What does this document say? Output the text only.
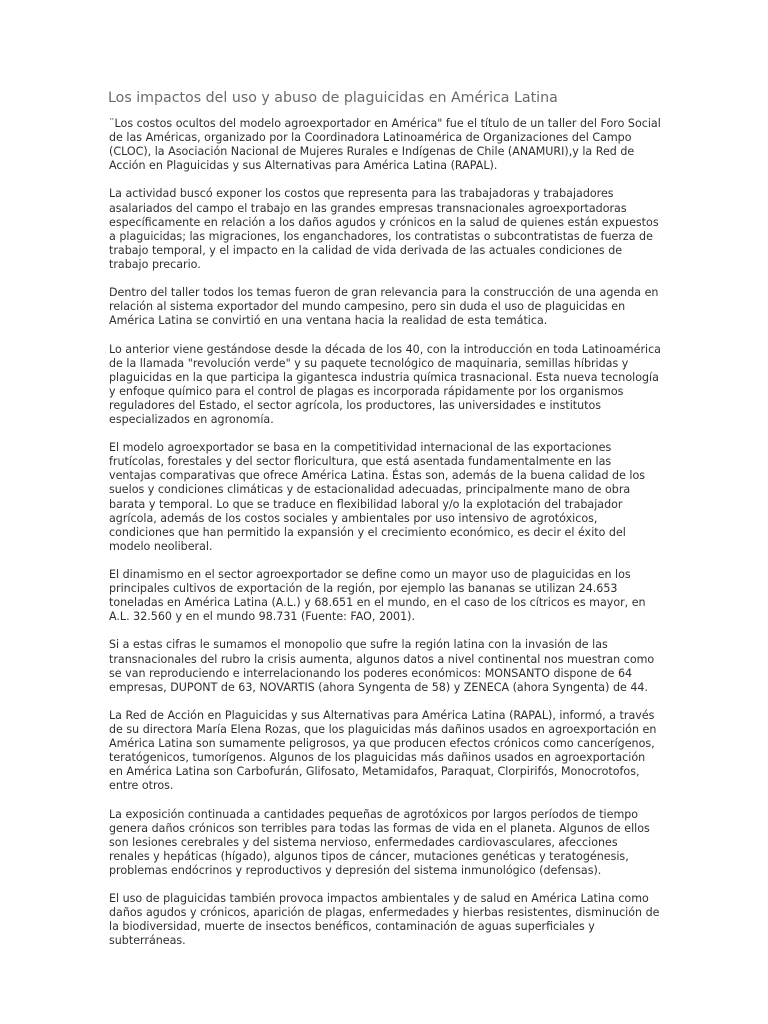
Los impactos del uso y abuso de plaguicidas en América Latina

¨Los costos ocultos del modelo agroexportador en América" fue el título de un taller del Foro Social de las Américas, organizado por la Coordinadora Latinoamérica de Organizaciones del Campo (CLOC), la Asociación Nacional de Mujeres Rurales e Indígenas de Chile (ANAMURI),y la Red de Acción en Plaguicidas y sus Alternativas para América Latina (RAPAL).

La actividad buscó exponer los costos que representa para las trabajadoras y trabajadores asalariados del campo el trabajo en las grandes empresas transnacionales agroexportadoras específicamente en relación a los daños agudos y crónicos en la salud de quienes están expuestos a plaguicidas; las migraciones, los enganchadores, los contratistas o subcontratistas de fuerza de trabajo temporal, y el impacto en la calidad de vida derivada de las actuales condiciones de trabajo precario.

Dentro del taller todos los temas fueron de gran relevancia para la construcción de una agenda en relación al sistema exportador del mundo campesino, pero sin duda el uso de plaguicidas en América Latina se convirtió en una ventana hacia la realidad de esta temática.

Lo anterior viene gestándose desde la década de los 40, con la introducción en toda Latinoamérica de la llamada "revolución verde" y su paquete tecnológico de maquinaria, semillas híbridas y plaguicidas en la que participa la gigantesca industria química trasnacional. Esta nueva tecnología y enfoque químico para el control de plagas es incorporada rápidamente por los organismos reguladores del Estado, el sector agrícola, los productores, las universidades e institutos especializados en agronomía.

El modelo agroexportador se basa en la competitividad internacional de las exportaciones frutícolas, forestales y del sector floricultura, que está asentada fundamentalmente en las ventajas comparativas que ofrece América Latina. Éstas son, además de la buena calidad de los suelos y condiciones climáticas y de estacionalidad adecuadas, principalmente mano de obra barata y temporal. Lo que se traduce en flexibilidad laboral y/o la explotación del trabajador agrícola, además de los costos sociales y ambientales por uso intensivo de agrotóxicos, condiciones que han permitido la expansión y el crecimiento económico, es decir el éxito del modelo neoliberal.

El dinamismo en el sector agroexportador se define como un mayor uso de plaguicidas en los principales cultivos de exportación de la región, por ejemplo las bananas se utilizan 24.653 toneladas en América Latina (A.L.) y 68.651 en el mundo, en el caso de los cítricos es mayor, en A.L. 32.560 y en el mundo 98.731 (Fuente: FAO, 2001).

Si a estas cifras le sumamos el monopolio que sufre la región latina con la invasión de las transnacionales del rubro la crisis aumenta, algunos datos a nivel continental nos muestran como se van reproduciendo e interrelacionando los poderes económicos: MONSANTO dispone de 64 empresas, DUPONT de 63, NOVARTIS (ahora Syngenta de 58) y ZENECA (ahora Syngenta) de 44.

La Red de Acción en Plaguicidas y sus Alternativas para América Latina (RAPAL), informó, a través de su directora María Elena Rozas, que los plaguicidas más dañinos usados en agroexportación en América Latina son sumamente peligrosos, ya que producen efectos crónicos como cancerígenos, teratógenicos, tumorígenos. Algunos de los plaguicidas más dañinos usados en agroexportación en América Latina son Carbofurán, Glifosato, Metamidafos, Paraquat, Clorpirifós, Monocrotofos, entre otros.

La exposición continuada a cantidades pequeñas de agrotóxicos por largos períodos de tiempo genera daños crónicos son terribles para todas las formas de vida en el planeta. Algunos de ellos son lesiones cerebrales y del sistema nervioso, enfermedades cardiovasculares, afecciones renales y hepáticas (hígado), algunos tipos de cáncer, mutaciones genéticas y teratogénesis, problemas endócrinos y reproductivos y depresión del sistema inmunológico (defensas).

El uso de plaguicidas también provoca impactos ambientales y de salud en América Latina como daños agudos y crónicos, aparición de plagas, enfermedades y hierbas resistentes, disminución de la biodiversidad, muerte de insectos benéficos, contaminación de aguas superficiales y subterráneas.
